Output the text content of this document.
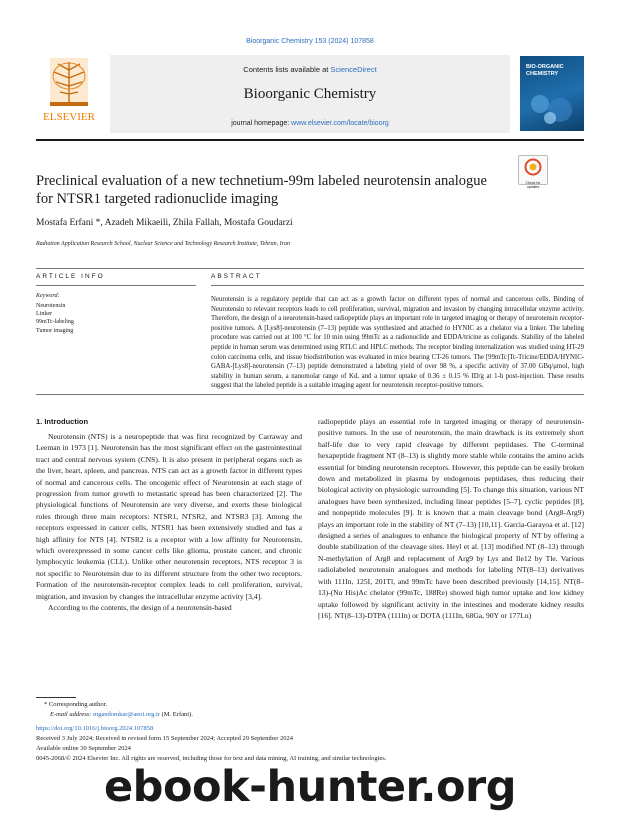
Bioorganic Chemistry 153 (2024) 107858
ELSEVIER
Contents lists available at ScienceDirect
Bioorganic Chemistry
journal homepage: www.elsevier.com/locate/bioorg
BIO-ORGANIC CHEMISTRY
Preclinical evaluation of a new technetium-99m labeled neurotensin analogue for NTSR1 targeted radionuclide imaging
Check for updates
Mostafa Erfani *, Azadeh Mikaeili, Zhila Fallah, Mostafa Goudarzi
Radiation Application Research School, Nuclear Science and Technology Research Institute, Tehran, Iran
ARTICLE INFO	ABSTRACT
Keyword:
Neurotensin
Linker
99mTc-labeling
Tumor imaging
Neurotensin is a regulatory peptide that can act as a growth factor on different types of normal and cancerous cells. Binding of Neurotensin to relevant receptors leads to cell proliferation, survival, migration and invasion by changing intracellular enzyme activity. Therefore, the design of a neurotensin-based radiopeptide plays an important role in targeted imaging or therapy of neurotensin receptor-positive tumors. A [Lys8]-neurotensin (7–13) peptide was synthesized and attached to HYNIC as a chelator via a linker. The labeling procedure was carried out at 100 °C for 10 min using 99mTc as a radionuclide and EDDA/tricine as coligands. Stability of the labeled peptide in human serum was determined using RTLC and HPLC methods. The receptor binding internalization was studied using HT-29 colon carcinoma cells, and tissue biodistribution was evaluated in mice bearing CT-26 tumors. The [99mTc]Tc-Tricine/EDDA/HYNIC-GABA-[Lys8]-neurotensin (7–13) peptide demonstrated a labeling yield of over 98 %, a specific activity of 37.00 GBq/μmol, high stability in human serum, a nanomolar range of Kd, and a tumor uptake of 0.36 ± 0.15 % ID/g at 1-h post-injection. These results suggest that the labeled peptide is a suitable imaging agent for neurotensin receptor-positive tumors.
1. Introduction

Neurotensin (NTS) is a neuropeptide that was first recognized by Carraway and Leeman in 1973 [1]. Neurotensin has the most significant effect on the gastrointestinal tract and central nervous system (CNS). It is also present in peripheral organs such as the liver, heart, spleen, and pancreas. NTS can act as a growth factor in different types of normal and cancerous cells. The oncogenic effect of Neurotensin at each stage of progression from tumor growth to metastatic spread has been characterized [2]. The physiological functions of Neurotensin are very diverse, and exerts these biological roles through three main receptors: NTSR1, NTSR2, and NTSR3 [3]. Among the receptors expressed in cancer cells, NTSR1 has been extensively studied and has a high affinity for NTS [4]. NTSR2 is a receptor with a low affinity for Neurotensin, which overexpressed in some cancer cells like glioma, prostate cancer, and chronic lymphocytic leukemia (CLL). Unlike other neurotensin receptors, NTS receptor 3 is not specific to Neurotensin due to its different structure from the other two receptors. Formation of the neurotensin-receptor complex leads to cell proliferation, survival, migration, and invasion by changes the intracellular enzyme activity [3,4].

According to the contents, the design of a neurotensin-based

radiopeptide plays an essential role in targeted imaging or therapy of neurotensin-positive tumors. In the use of neurotensin, the main drawback is its extremely short half-life due to very rapid cleavage by different peptidases. The C-terminal hexapeptide fragment NT (8–13) is slightly more stable while contains the amino acids essential for binding neurotensin receptors. However, this peptide can be easily broken down and metabolized in plasma by endogenous peptidases, thus reducing their biological activity on physiologic surrounding [5]. To change this situation, various NT analogues have been synthesized, including linear peptides [5–7], cyclic peptides [8], and nonpeptide molecules [9]. It is known that a main cleavage bond (Arg8-Arg9) plays an important role in the stability of NT (7–13) [10,11]. Garcia-Garayoa et al. [12] designed a series of analogues to enhance the biological property of NT by offering a double stabilization of the cleavage sites. Heyl et al. [13] modified NT (8–13) through N-methylation of Arg8 and replacement of Arg9 by Lys and Ile12 by Tle. Various radiolabeled neurotensin analogues and methods for labeling NT(8–13) derivatives with 111In, 125I, 201Tl, and 99mTc have been described previously [14,15]. NT(8–13)-(Nα His)Ac chelator (99mTc, 188Re) showed high tumor uptake and low kidney uptake followed by significant activity in the intestines and moderate kidney results [16]. NT(8–13)-DTPA (111In) or DOTA (111In, 68Ga, 90Y or 177Lu)
* Corresponding author.
E-mail address: mgandomkar@aeoi.org.ir (M. Erfani).
https://doi.org/10.1016/j.bioorg.2024.107858
Received 3 July 2024; Received in revised form 15 September 2024; Accepted 29 September 2024
Available online 30 September 2024
0045-2068/© 2024 Elsevier Inc. All rights are reserved, including those for text and data mining, AI training, and similar technologies.
ebook-hunter.org
